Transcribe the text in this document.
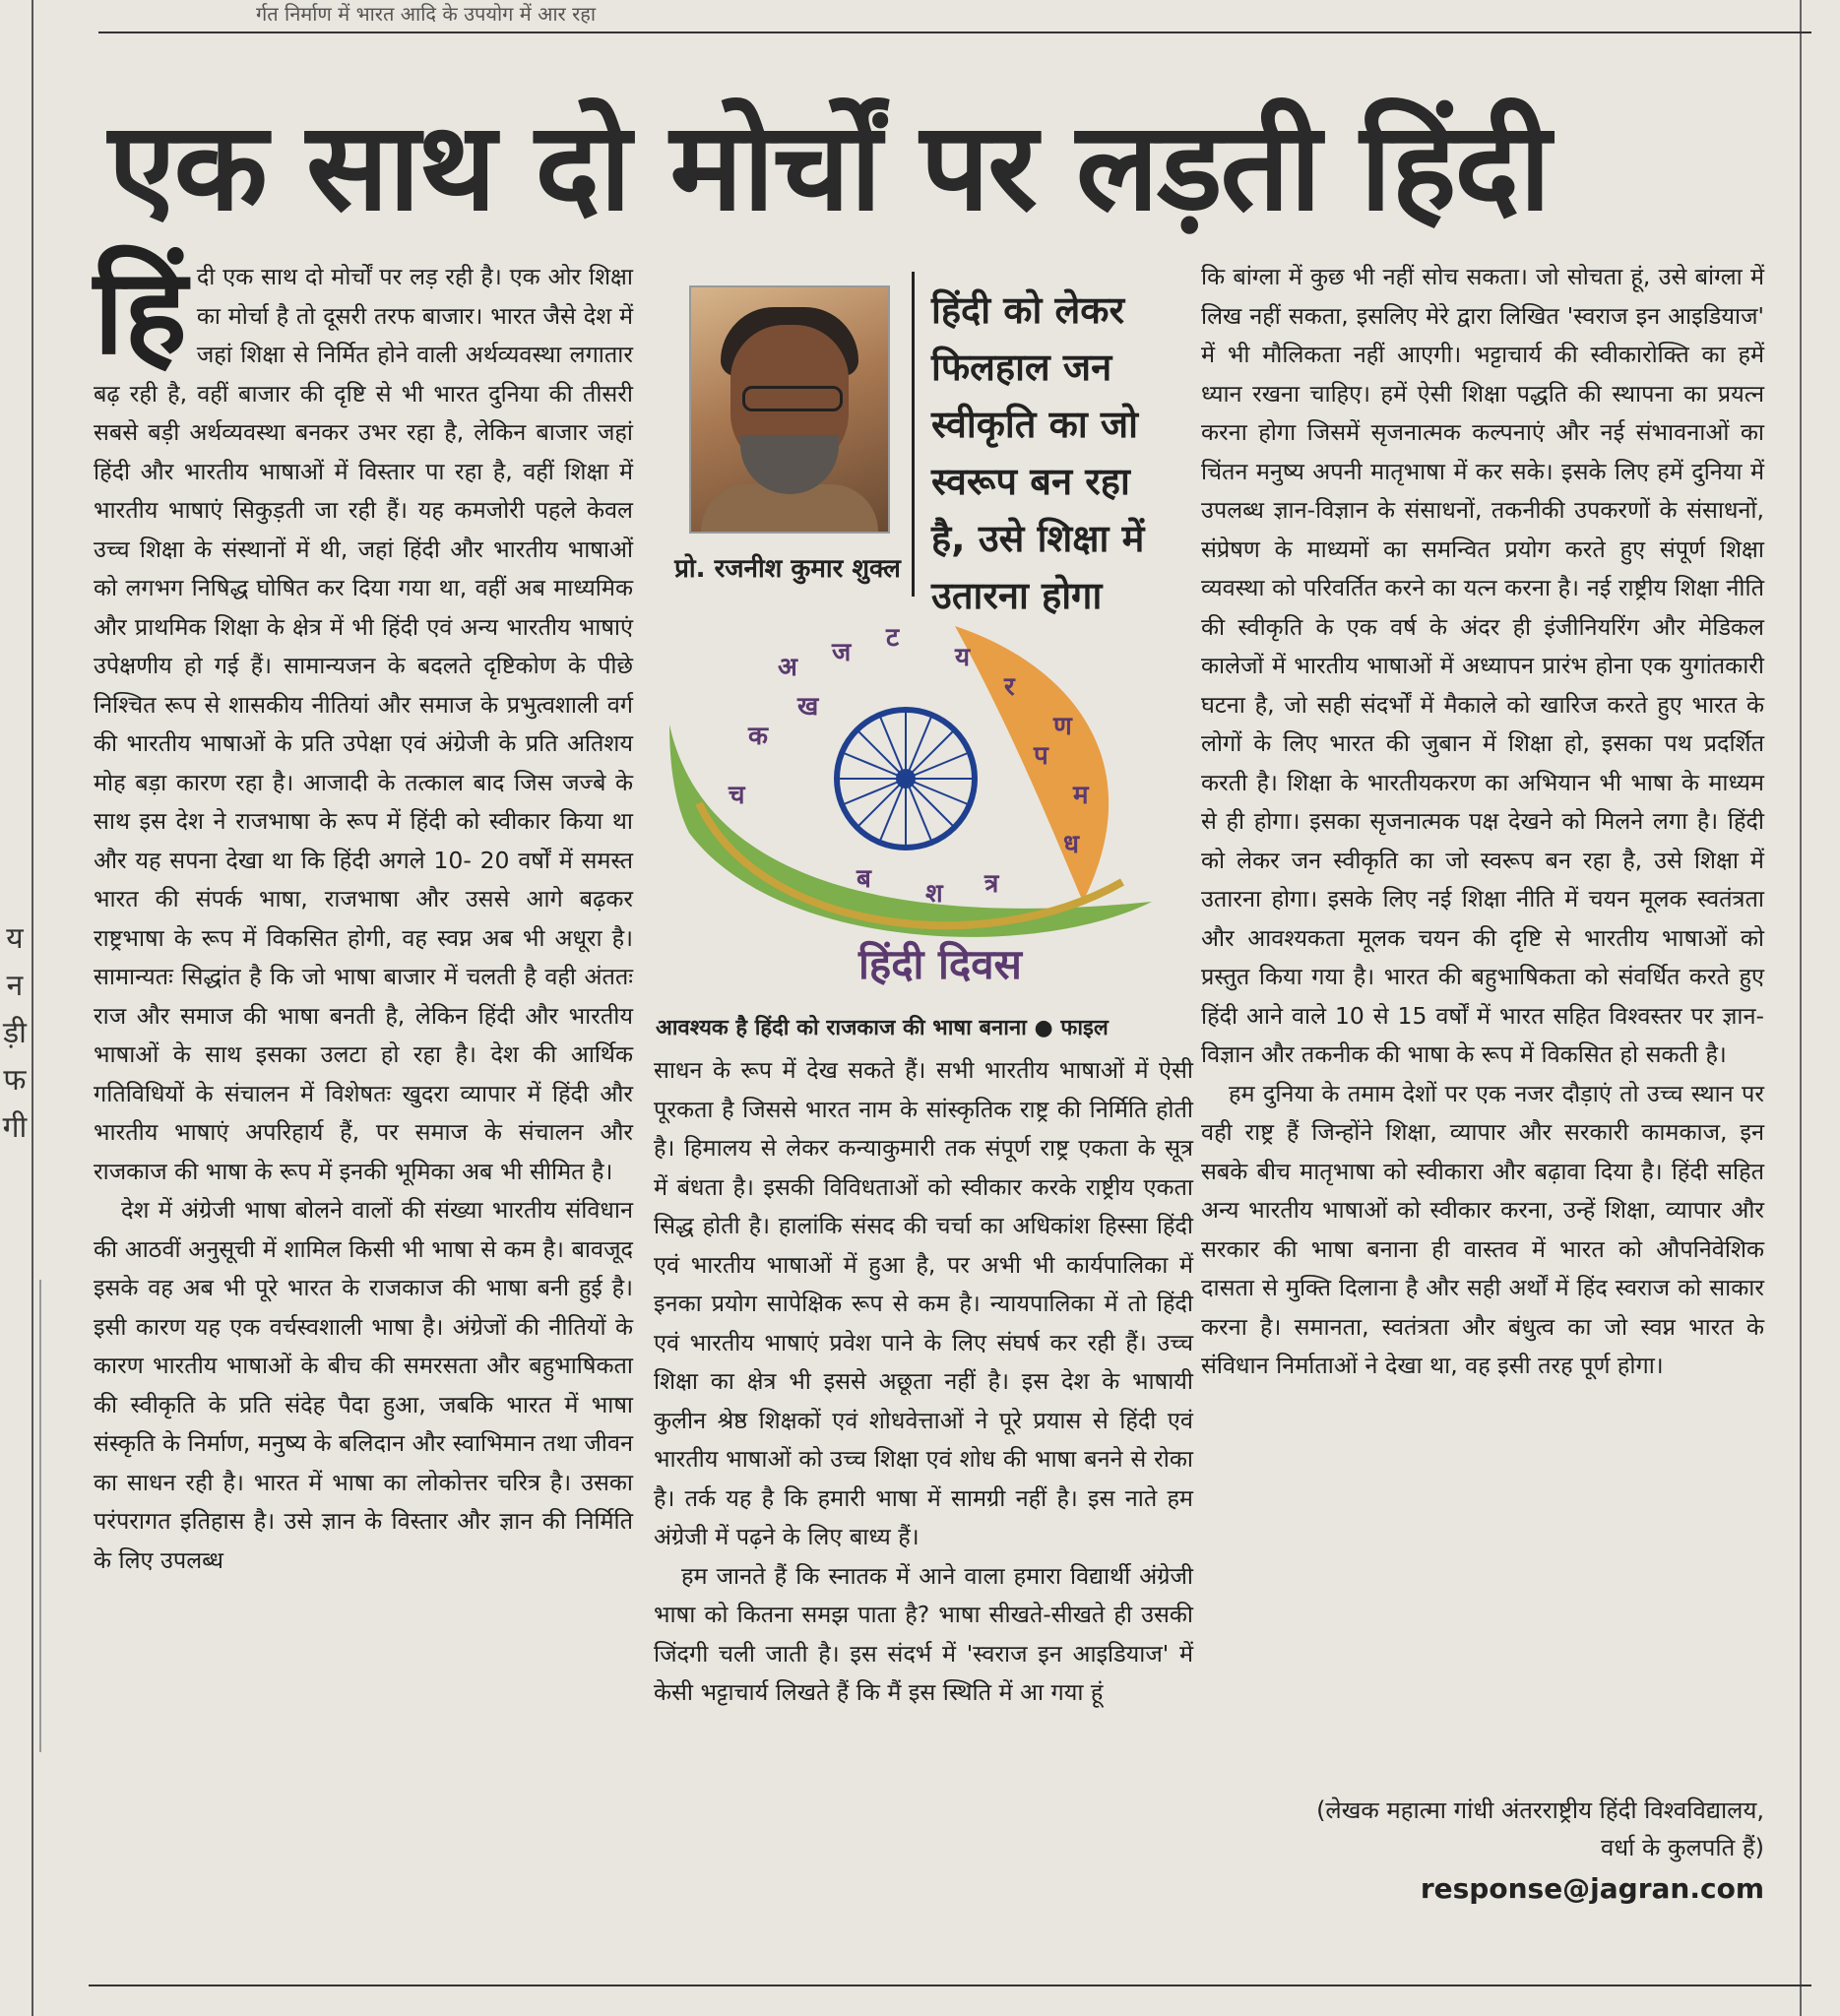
र्गत निर्माण में भारत आदि के उपयोग में आर रहा
एक साथ दो मोर्चों पर लड़ती हिंदी
हिं दी एक साथ दो मोर्चों पर लड़ रही है। एक ओर शिक्षा का मोर्चा है तो दूसरी तरफ बाजार। भारत जैसे देश में जहां शिक्षा से निर्मित होने वाली अर्थव्यवस्था लगातार बढ़ रही है, वहीं बाजार की दृष्टि से भी भारत दुनिया की तीसरी सबसे बड़ी अर्थव्यवस्था बनकर उभर रहा है, लेकिन बाजार जहां हिंदी और भारतीय भाषाओं में विस्तार पा रहा है, वहीं शिक्षा में भारतीय भाषाएं सिकुड़ती जा रही हैं। यह कमजोरी पहले केवल उच्च शिक्षा के संस्थानों में थी, जहां हिंदी और भारतीय भाषाओं को लगभग निषिद्ध घोषित कर दिया गया था, वहीं अब माध्यमिक और प्राथमिक शिक्षा के क्षेत्र में भी हिंदी एवं अन्य भारतीय भाषाएं उपेक्षणीय हो गई हैं। सामान्यजन के बदलते दृष्टिकोण के पीछे निश्चित रूप से शासकीय नीतियां और समाज के प्रभुत्वशाली वर्ग की भारतीय भाषाओं के प्रति उपेक्षा एवं अंग्रेजी के प्रति अतिशय मोह बड़ा कारण रहा है। आजादी के तत्काल बाद जिस जज्बे के साथ इस देश ने राजभाषा के रूप में हिंदी को स्वीकार किया था और यह सपना देखा था कि हिंदी अगले 10- 20 वर्षों में समस्त भारत की संपर्क भाषा, राजभाषा और उससे आगे बढ़कर राष्ट्रभाषा के रूप में विकसित होगी, वह स्वप्न अब भी अधूरा है। सामान्यतः सिद्धांत है कि जो भाषा बाजार में चलती है वही अंततः राज और समाज की भाषा बनती है, लेकिन हिंदी और भारतीय भाषाओं के साथ इसका उलटा हो रहा है। देश की आर्थिक गतिविधियों के संचालन में विशेषतः खुदरा व्यापार में हिंदी और भारतीय भाषाएं अपरिहार्य हैं, पर समाज के संचालन और राजकाज की भाषा के रूप में इनकी भूमिका अब भी सीमित है।

देश में अंग्रेजी भाषा बोलने वालों की संख्या भारतीय संविधान की आठवीं अनुसूची में शामिल किसी भी भाषा से कम है। बावजूद इसके वह अब भी पूरे भारत के राजकाज की भाषा बनी हुई है। इसी कारण यह एक वर्चस्वशाली भाषा है। अंग्रेजों की नीतियों के कारण भारतीय भाषाओं के बीच की समरसता और बहुभाषिकता की स्वीकृति के प्रति संदेह पैदा हुआ, जबकि भारत में भाषा संस्कृति के निर्माण, मनुष्य के बलिदान और स्वाभिमान तथा जीवन का साधन रही है। भारत में भाषा का लोकोत्तर चरित्र है। उसका परंपरागत इतिहास है। उसे ज्ञान के विस्तार और ज्ञान की निर्मिति के लिए उपलब्ध

प्रो. रजनीश कुमार शुक्ल
हिंदी को लेकर फिलहाल जन स्वीकृति का जो स्वरूप बन रहा है, उसे शिक्षा में उतारना होगा
अ ज ट
य
र
ण
क
च	म
ख
प
ध
ब श त्र
हिंदी दिवस
आवश्यक है हिंदी को राजकाज की भाषा बनाना ● फाइल

साधन के रूप में देख सकते हैं। सभी भारतीय भाषाओं में ऐसी पूरकता है जिससे भारत नाम के सांस्कृतिक राष्ट्र की निर्मिति होती है। हिमालय से लेकर कन्याकुमारी तक संपूर्ण राष्ट्र एकता के सूत्र में बंधता है। इसकी विविधताओं को स्वीकार करके राष्ट्रीय एकता सिद्ध होती है। हालांकि संसद की चर्चा का अधिकांश हिस्सा हिंदी एवं भारतीय भाषाओं में हुआ है, पर अभी भी कार्यपालिका में इनका प्रयोग सापेक्षिक रूप से कम है। न्यायपालिका में तो हिंदी एवं भारतीय भाषाएं प्रवेश पाने के लिए संघर्ष कर रही हैं। उच्च शिक्षा का क्षेत्र भी इससे अछूता नहीं है। इस देश के भाषायी कुलीन श्रेष्ठ शिक्षकों एवं शोधवेत्ताओं ने पूरे प्रयास से हिंदी एवं भारतीय भाषाओं को उच्च शिक्षा एवं शोध की भाषा बनने से रोका है। तर्क यह है कि हमारी भाषा में सामग्री नहीं है। इस नाते हम अंग्रेजी में पढ़ने के लिए बाध्य हैं।

हम जानते हैं कि स्नातक में आने वाला हमारा विद्यार्थी अंग्रेजी भाषा को कितना समझ पाता है? भाषा सीखते-सीखते ही उसकी जिंदगी चली जाती है। इस संदर्भ में 'स्वराज इन आइडियाज' में केसी भट्टाचार्य लिखते हैं कि मैं इस स्थिति में आ गया हूं

कि बांग्ला में कुछ भी नहीं सोच सकता। जो सोचता हूं, उसे बांग्ला में लिख नहीं सकता, इसलिए मेरे द्वारा लिखित 'स्वराज इन आइडियाज' में भी मौलिकता नहीं आएगी। भट्टाचार्य की स्वीकारोक्ति का हमें ध्यान रखना चाहिए। हमें ऐसी शिक्षा पद्धति की स्थापना का प्रयत्न करना होगा जिसमें सृजनात्मक कल्पनाएं और नई संभावनाओं का चिंतन मनुष्य अपनी मातृभाषा में कर सके। इसके लिए हमें दुनिया में उपलब्ध ज्ञान-विज्ञान के संसाधनों, तकनीकी उपकरणों के संसाधनों, संप्रेषण के माध्यमों का समन्वित प्रयोग करते हुए संपूर्ण शिक्षा व्यवस्था को परिवर्तित करने का यत्न करना है। नई राष्ट्रीय शिक्षा नीति की स्वीकृति के एक वर्ष के अंदर ही इंजीनियरिंग और मेडिकल कालेजों में भारतीय भाषाओं में अध्यापन प्रारंभ होना एक युगांतकारी घटना है, जो सही संदर्भों में मैकाले को खारिज करते हुए भारत के लोगों के लिए भारत की जुबान में शिक्षा हो, इसका पथ प्रदर्शित करती है। शिक्षा के भारतीयकरण का अभियान भी भाषा के माध्यम से ही होगा। इसका सृजनात्मक पक्ष देखने को मिलने लगा है। हिंदी को लेकर जन स्वीकृति का जो स्वरूप बन रहा है, उसे शिक्षा में उतारना होगा। इसके लिए नई शिक्षा नीति में चयन मूलक स्वतंत्रता और आवश्यकता मूलक चयन की दृष्टि से भारतीय भाषाओं को प्रस्तुत किया गया है। भारत की बहुभाषिकता को संवर्धित करते हुए हिंदी आने वाले 10 से 15 वर्षों में भारत सहित विश्वस्तर पर ज्ञान-विज्ञान और तकनीक की भाषा के रूप में विकसित हो सकती है।

हम दुनिया के तमाम देशों पर एक नजर दौड़ाएं तो उच्च स्थान पर वही राष्ट्र हैं जिन्होंने शिक्षा, व्यापार और सरकारी कामकाज, इन सबके बीच मातृभाषा को स्वीकारा और बढ़ावा दिया है। हिंदी सहित अन्य भारतीय भाषाओं को स्वीकार करना, उन्हें शिक्षा, व्यापार और सरकार की भाषा बनाना ही वास्तव में भारत को औपनिवेशिक दासता से मुक्ति दिलाना है और सही अर्थों में हिंद स्वराज को साकार करना है। समानता, स्वतंत्रता और बंधुत्व का जो स्वप्न भारत के संविधान निर्माताओं ने देखा था, वह इसी तरह पूर्ण होगा।

(लेखक महात्मा गांधी अंतरराष्ट्रीय हिंदी विश्वविद्यालय, वर्धा के कुलपति हैं)
response@jagran.com
य
न
ड़ी
फ
गी
